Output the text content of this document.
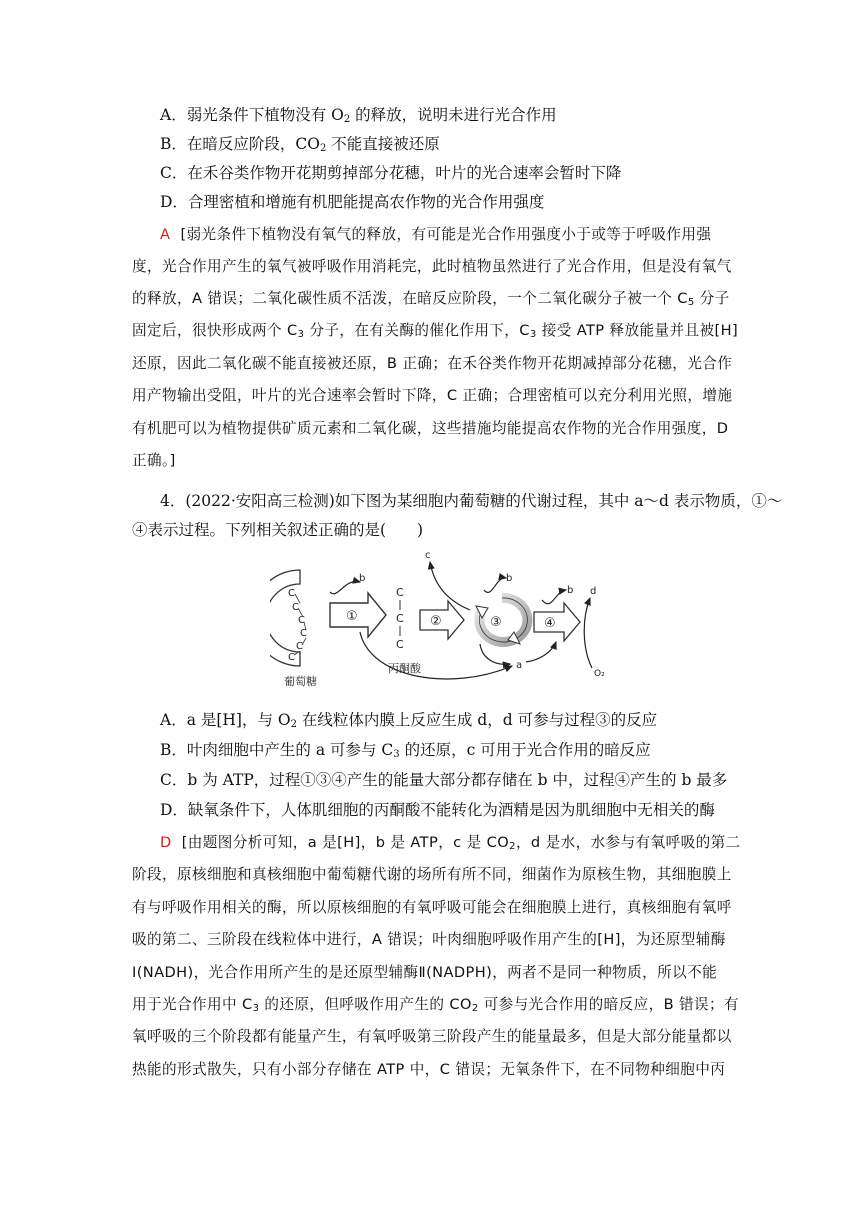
A．弱光条件下植物没有 $O_2$ 的释放，说明未进行光合作用
B．在暗反应阶段，$CO_2$ 不能直接被还原
C．在禾谷类作物开花期剪掉部分花穗，叶片的光合速率会暂时下降
D．合理密植和增施有机肥能提高农作物的光合作用强度
A [弱光条件下植物没有氧气的释放，有可能是光合作用强度小于或等于呼吸作用强
度，光合作用产生的氧气被呼吸作用消耗完，此时植物虽然进行了光合作用，但是没有氧气
的释放，A 错误；二氧化碳性质不活泼，在暗反应阶段，一个二氧化碳分子被一个 $C_5$ 分子
固定后，很快形成两个 $C_3$ 分子，在有关酶的催化作用下，$C_3$ 接受 ATP 释放能量并且被[H]
还原，因此二氧化碳不能直接被还原，B 正确；在禾谷类作物开花期减掉部分花穗，光合作
用产物输出受阻，叶片的光合速率会暂时下降，C 正确；合理密植可以充分利用光照，增施
有机肥可以为植物提供矿质元素和二氧化碳，这些措施均能提高农作物的光合作用强度，D
正确。]
4．(2022·安阳高三检测)如下图为某细胞内葡萄糖的代谢过程，其中 a～d 表示物质，①～
④表示过程。下列相关叙述正确的是(　　)
C
C
C
C
C
C
葡萄糖
①
b
C
C
C
丙酮酸
②	③
c
b
④
b d
O₂
a
A．a 是[H]，与 $O_2$ 在线粒体内膜上反应生成 d，d 可参与过程③的反应
B．叶肉细胞中产生的 a 可参与 $C_3$ 的还原，c 可用于光合作用的暗反应
C．b 为 ATP，过程①③④产生的能量大部分都存储在 b 中，过程④产生的 b 最多
D．缺氧条件下，人体肌细胞的丙酮酸不能转化为酒精是因为肌细胞中无相关的酶
D [由题图分析可知，a 是[H]，b 是 ATP，c 是 $CO_2$，d 是水，水参与有氧呼吸的第二
阶段，原核细胞和真核细胞中葡萄糖代谢的场所有所不同，细菌作为原核生物，其细胞膜上
有与呼吸作用相关的酶，所以原核细胞的有氧呼吸可能会在细胞膜上进行，真核细胞有氧呼
吸的第二、三阶段在线粒体中进行，A 错误；叶肉细胞呼吸作用产生的[H]，为还原型辅酶
Ⅰ(NADH)，光合作用所产生的是还原型辅酶Ⅱ(NADPH)，两者不是同一种物质，所以不能
用于光合作用中 $C_3$ 的还原，但呼吸作用产生的 $CO_2$ 可参与光合作用的暗反应，B 错误；有
氧呼吸的三个阶段都有能量产生，有氧呼吸第三阶段产生的能量最多，但是大部分能量都以
热能的形式散失，只有小部分存储在 ATP 中，C 错误；无氧条件下，在不同物种细胞中丙
